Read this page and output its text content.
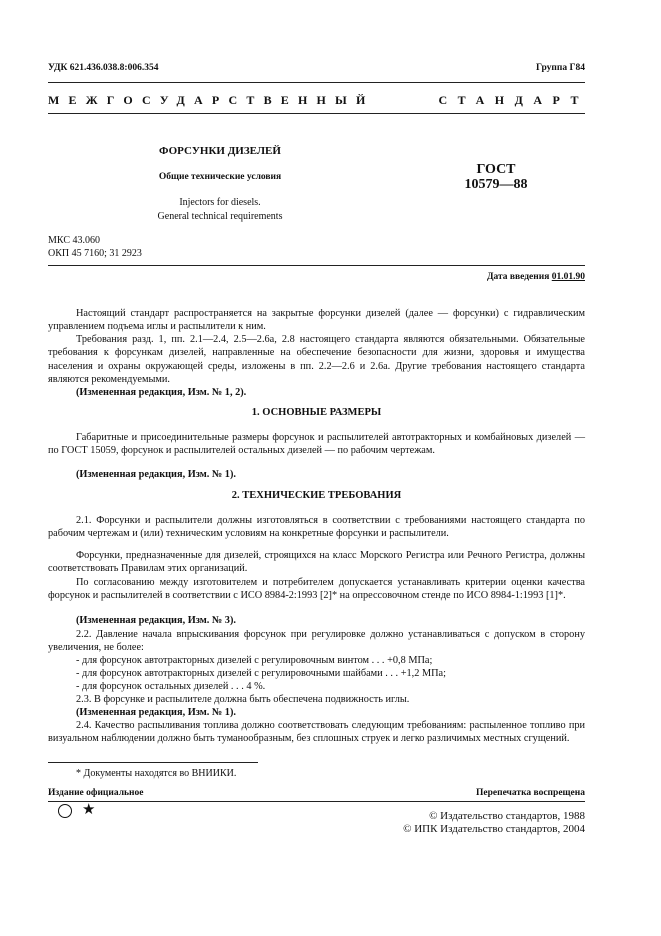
УДК 621.436.038.8:006.354	Группа Г84
МЕЖГОСУДАРСТВЕННЫЙ	СТАНДАРТ
ФОРСУНКИ ДИЗЕЛЕЙ
Общие технические условия
Injectors for diesels.
General technical requirements
ГОСТ
10579—88
МКС 43.060
ОКП 45 7160; 31 2923
Дата введения 01.01.90
Настоящий стандарт распространяется на закрытые форсунки дизелей (далее — форсунки) с гидравлическим управлением подъема иглы и распылители к ним.
Требования разд. 1, пп. 2.1—2.4, 2.5—2.6а, 2.8 настоящего стандарта являются обязательными. Обязательные требования к форсункам дизелей, направленные на обеспечение безопасности для жизни, здоровья и имущества населения и охраны окружающей среды, изложены в пп. 2.2—2.6 и 2.6а. Другие требования настоящего стандарта являются рекомендуемыми.
(Измененная редакция, Изм. № 1, 2).
1. ОСНОВНЫЕ РАЗМЕРЫ
Габаритные и присоединительные размеры форсунок и распылителей автотракторных и комбайновых дизелей — по ГОСТ 15059, форсунок и распылителей остальных дизелей — по рабочим чертежам.
(Измененная редакция, Изм. № 1).
2. ТЕХНИЧЕСКИЕ ТРЕБОВАНИЯ
2.1. Форсунки и распылители должны изготовляться в соответствии с требованиями настоящего стандарта по рабочим чертежам и (или) техническим условиям на конкретные форсунки и распылители.
Форсунки, предназначенные для дизелей, строящихся на класс Морского Регистра или Речного Регистра, должны соответствовать Правилам этих организаций.
По согласованию между изготовителем и потребителем допускается устанавливать критерии оценки качества форсунок и распылителей в соответствии с ИСО 8984-2:1993 [2]* на опрессовочном стенде по ИСО 8984-1:1993 [1]*.
(Измененная редакция, Изм. № 3).
2.2. Давление начала впрыскивания форсунок при регулировке должно устанавливаться с допуском в сторону увеличения, не более:
- для форсунок автотракторных дизелей с регулировочным винтом . . . +0,8 МПа;
- для форсунок автотракторных дизелей с регулировочными шайбами . . . +1,2 МПа;
- для форсунок остальных дизелей . . . 4 %.
2.3. В форсунке и распылителе должна быть обеспечена подвижность иглы.
(Измененная редакция, Изм. № 1).
2.4. Качество распыливания топлива должно соответствовать следующим требованиям: распыленное топливо при визуальном наблюдении должно быть туманообразным, без сплошных струек и легко различимых местных сгущений.
* Документы находятся во ВНИИКИ.
Издание официальное	Перепечатка воспрещена
★	© Издательство стандартов, 1988
© ИПК Издательство стандартов, 2004
